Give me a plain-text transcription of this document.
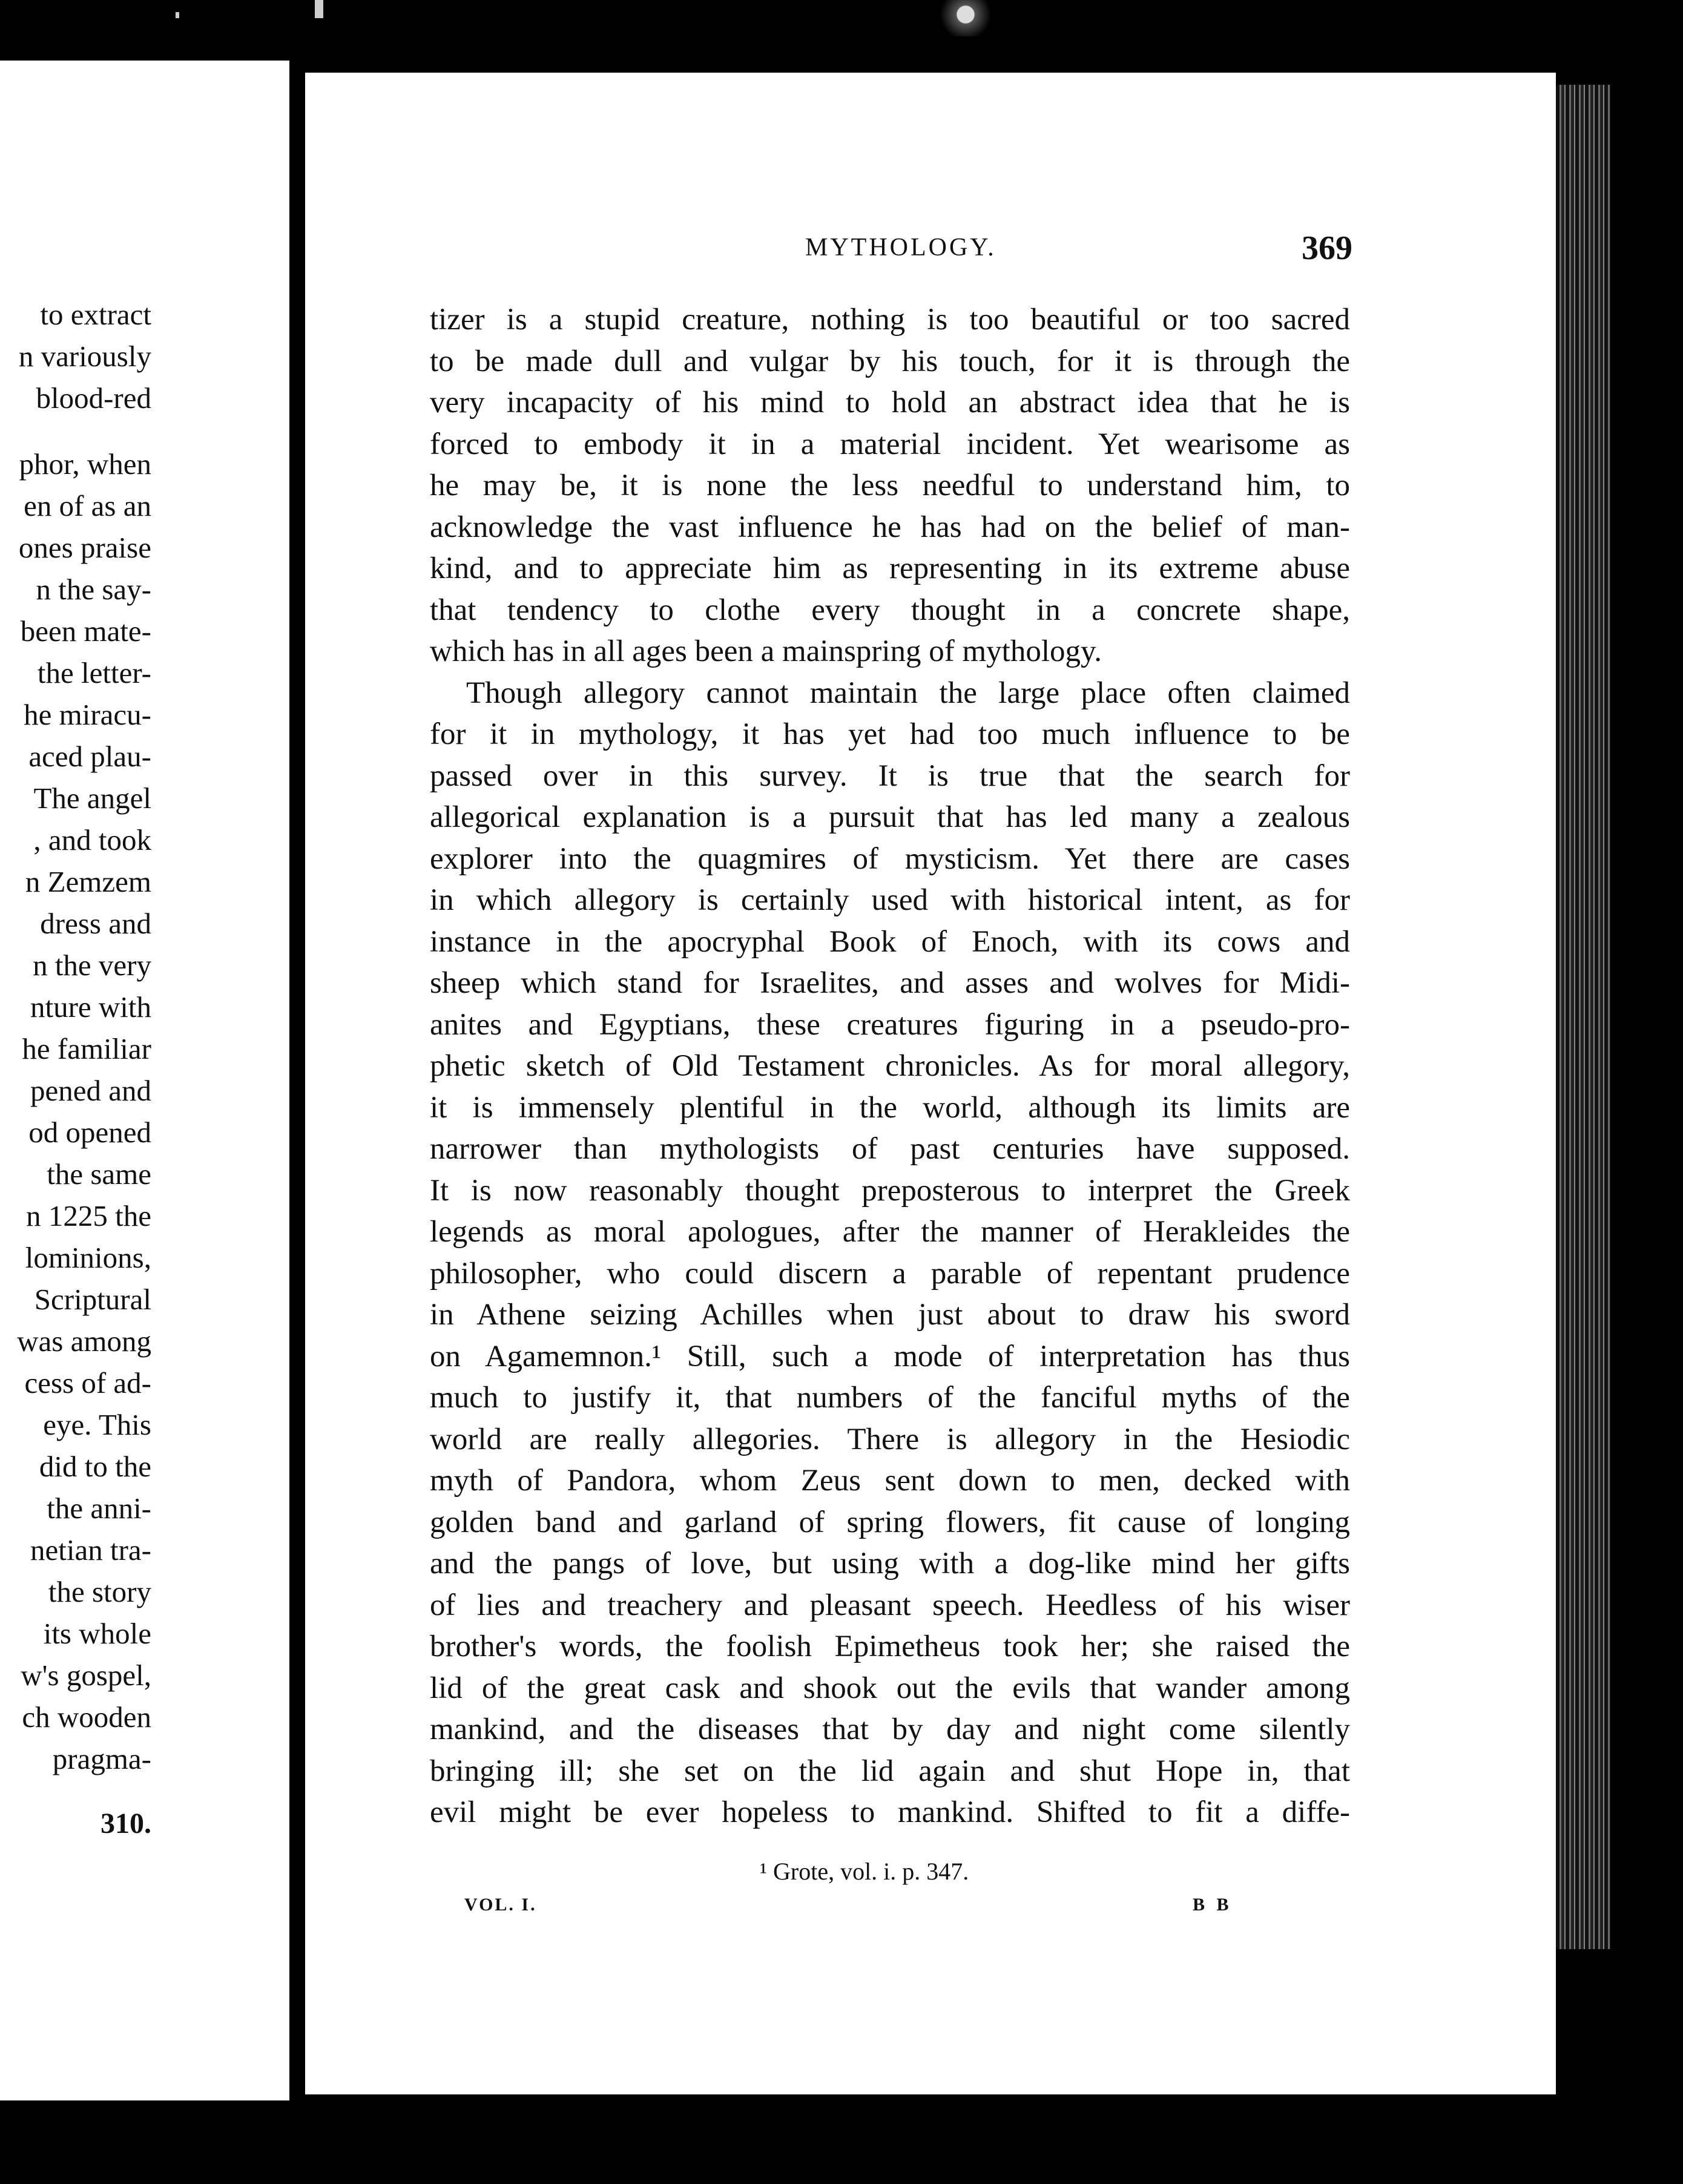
to extract
n variously
blood-red
phor, when
en of as an
ones praise
n the say-
been mate-
the letter-
he miracu-
aced plau-
The angel
, and took
n Zemzem
dress and
n the very
nture with
he familiar
pened and
od opened
the same
n 1225 the
lominions,
Scriptural
was among
cess of ad-
eye. This
did to the
the anni-
netian tra-
the story
its whole
w's gospel,
ch wooden
pragma-
310.
MYTHOLOGY.	369
tizer is a stupid creature, nothing is too beautiful or too sacred
to be made dull and vulgar by his touch, for it is through the
very incapacity of his mind to hold an abstract idea that he is
forced to embody it in a material incident. Yet wearisome as
he may be, it is none the less needful to understand him, to
acknowledge the vast influence he has had on the belief of man-
kind, and to appreciate him as representing in its extreme abuse
that tendency to clothe every thought in a concrete shape,
which has in all ages been a mainspring of mythology.
Though allegory cannot maintain the large place often claimed
for it in mythology, it has yet had too much influence to be
passed over in this survey. It is true that the search for
allegorical explanation is a pursuit that has led many a zealous
explorer into the quagmires of mysticism. Yet there are cases
in which allegory is certainly used with historical intent, as for
instance in the apocryphal Book of Enoch, with its cows and
sheep which stand for Israelites, and asses and wolves for Midi-
anites and Egyptians, these creatures figuring in a pseudo-pro-
phetic sketch of Old Testament chronicles. As for moral allegory,
it is immensely plentiful in the world, although its limits are
narrower than mythologists of past centuries have supposed.
It is now reasonably thought preposterous to interpret the Greek
legends as moral apologues, after the manner of Herakleides the
philosopher, who could discern a parable of repentant prudence
in Athene seizing Achilles when just about to draw his sword
on Agamemnon.¹ Still, such a mode of interpretation has thus
much to justify it, that numbers of the fanciful myths of the
world are really allegories. There is allegory in the Hesiodic
myth of Pandora, whom Zeus sent down to men, decked with
golden band and garland of spring flowers, fit cause of longing
and the pangs of love, but using with a dog-like mind her gifts
of lies and treachery and pleasant speech. Heedless of his wiser
brother's words, the foolish Epimetheus took her; she raised the
lid of the great cask and shook out the evils that wander among
mankind, and the diseases that by day and night come silently
bringing ill; she set on the lid again and shut Hope in, that
evil might be ever hopeless to mankind. Shifted to fit a diffe-
¹ Grote, vol. i. p. 347.
VOL. I.	B B
